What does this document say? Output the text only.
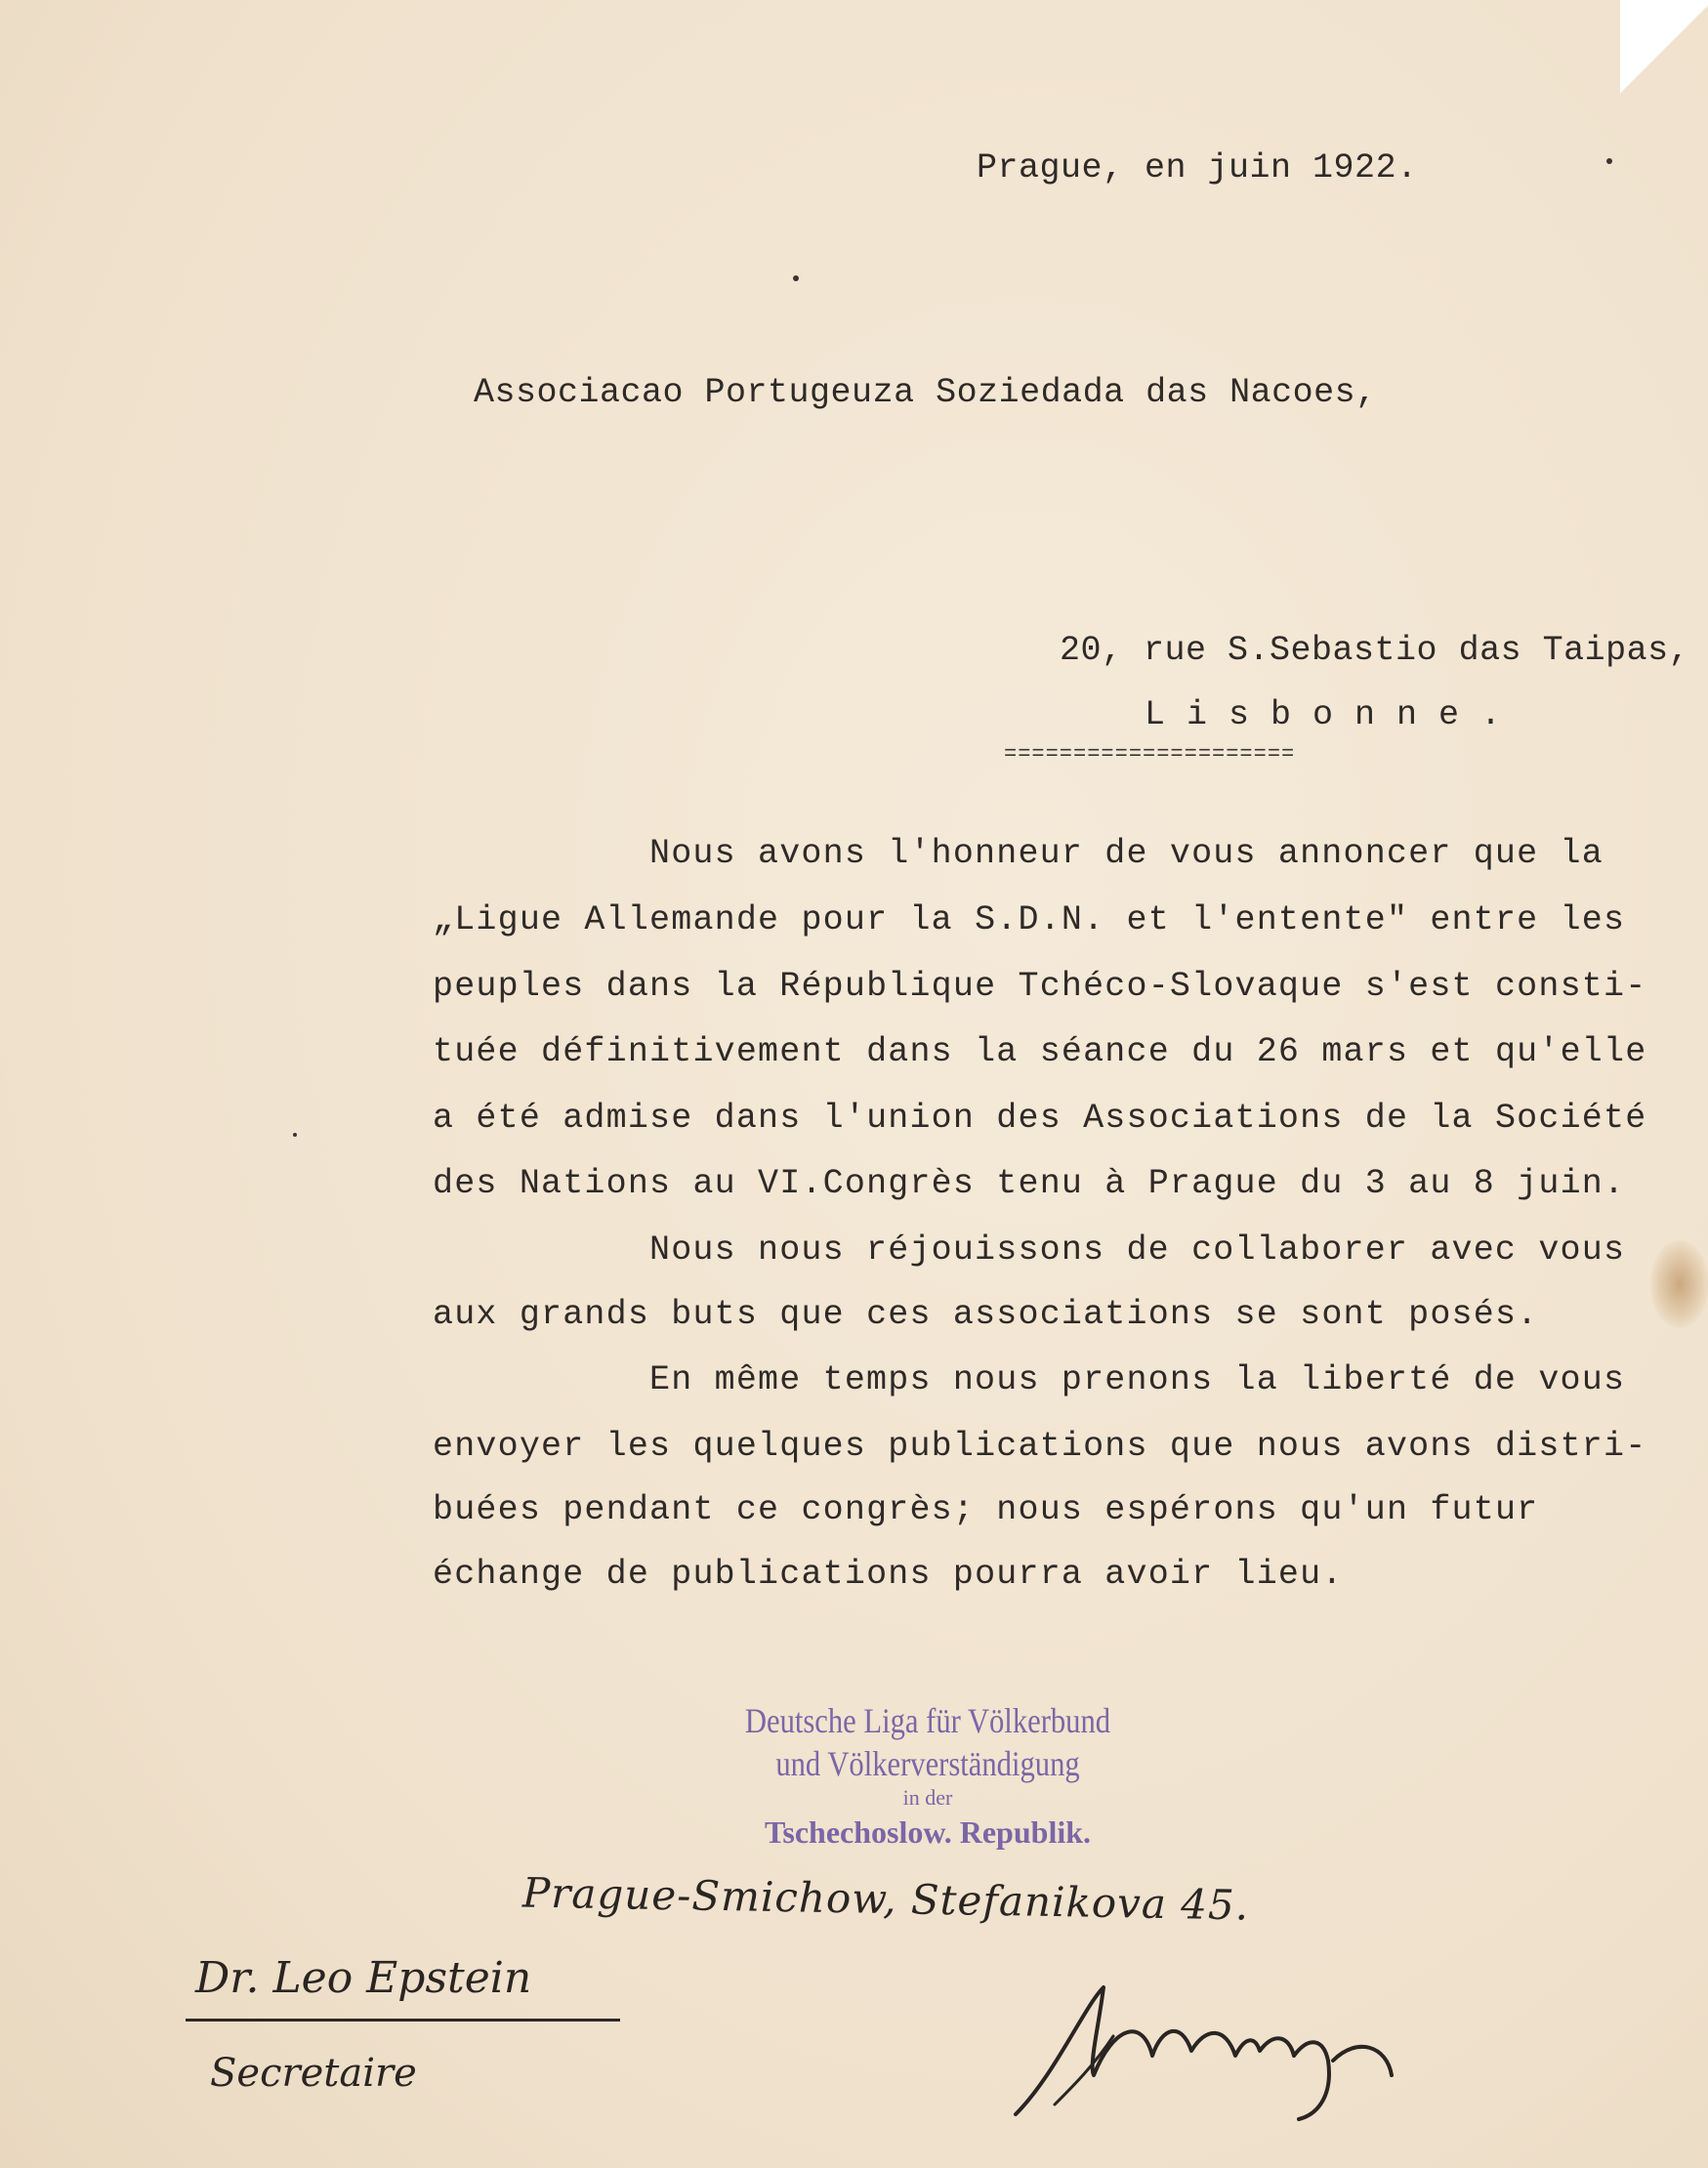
Prague, en juin 1922.
Associacao Portugeuza Soziedada das Nacoes,
20, rue S.Sebastio das Taipas,
Lisbonne.
=====================
Nous avons l'honneur de vous annoncer que la
„Ligue Allemande pour la S.D.N. et l'entente" entre les
peuples dans la République Tchéco-Slovaque s'est consti-
tuée définitivement dans la séance du 26 mars et qu'elle
a été admise dans l'union des Associations de la Société
des Nations au VI.Congrès tenu à Prague du 3 au 8 juin.
Nous nous réjouissons de collaborer avec vous
aux grands buts que ces associations se sont posés.
En même temps nous prenons la liberté de vous
envoyer les quelques publications que nous avons distri-
buées pendant ce congrès; nous espérons qu'un futur
échange de publications pourra avoir lieu.
Deutsche Liga für Völkerbund
und Völkerverständigung
in der
Tschechoslow. Republik.
Prague-Smichow, Stefanikova 45.
Dr. Leo Epstein
Secretaire
